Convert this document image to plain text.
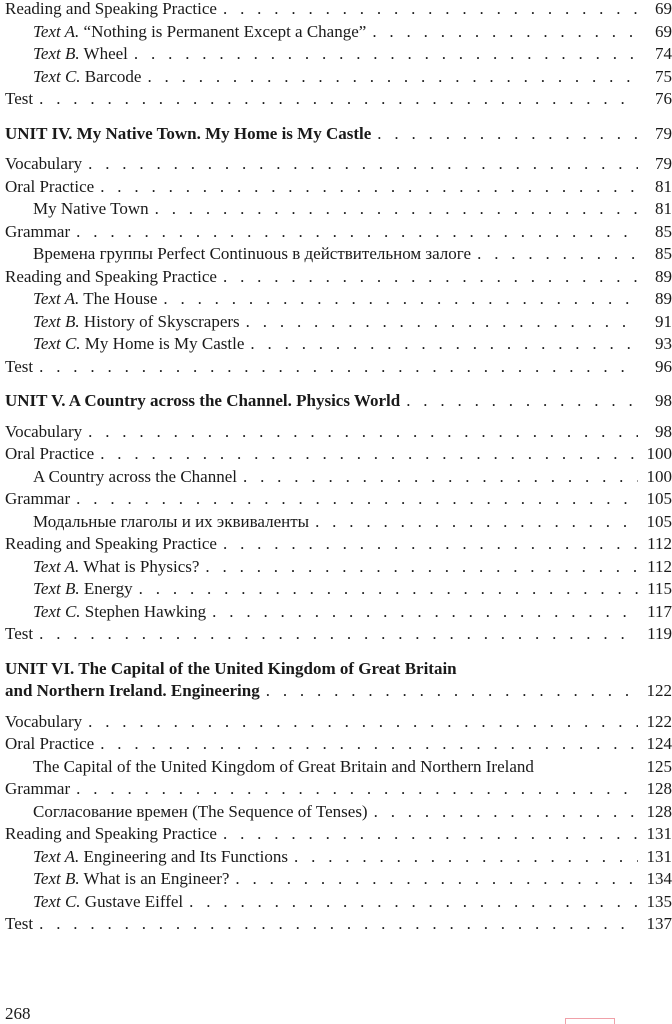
Reading and Speaking Practice . . .	69
Text A. “Nothing is Permanent Except a Change” . . .	69
Text B. Wheel . . .	74
Text C. Barcode . . .	75
Test . . .	76
UNIT IV. My Native Town. My Home is My Castle . . .	79
Vocabulary . . .	79
Oral Practice . . .	81
My Native Town . . .	81
Grammar . . .	85
Времена группы Perfect Continuous в действительном залоге . . .	85
Reading and Speaking Practice . . .	89
Text A. The House . . .	89
Text B. History of Skyscrapers . . .	91
Text C. My Home is My Castle . . .	93
Test . . .	96
UNIT V. A Country across the Channel. Physics World . . .	98
Vocabulary . . .	98
Oral Practice . . .	100
A Country across the Channel . . .	100
Grammar . . .	105
Модальные глаголы и их эквиваленты . . .	105
Reading and Speaking Practice . . .	112
Text A. What is Physics? . . .	112
Text B. Energy . . .	115
Text C. Stephen Hawking . . .	117
Test . . .	119
UNIT VI. The Capital of the United Kingdom of Great Britain
and Northern Ireland. Engineering . . .	122
Vocabulary . . .	122
Oral Practice . . .	124
The Capital of the United Kingdom of Great Britain and Northern Ireland	125
Grammar . . .	128
Согласование времен (The Sequence of Tenses) . . .	128
Reading and Speaking Practice . . .	131
Text A. Engineering and Its Functions . . .	131
Text B. What is an Engineer? . . .	134
Text C. Gustave Eiffel . . .	135
Test . . .	137
268
